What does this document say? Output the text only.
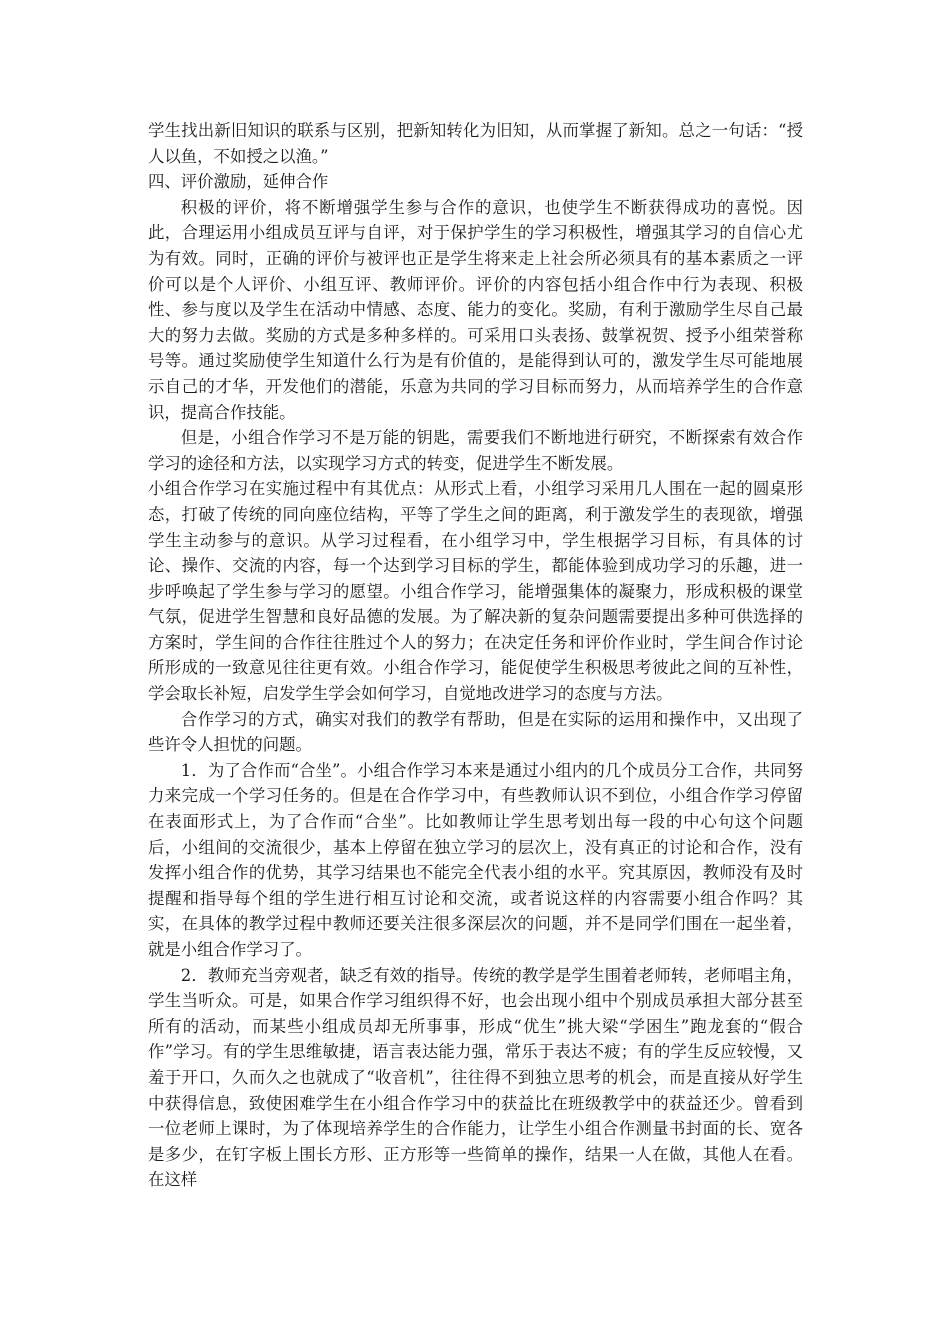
学生找出新旧知识的联系与区别，把新知转化为旧知，从而掌握了新知。总之一句话：“授人以鱼，不如授之以渔。”

四、评价激励，延伸合作

积极的评价，将不断增强学生参与合作的意识，也使学生不断获得成功的喜悦。因此，合理运用小组成员互评与自评，对于保护学生的学习积极性，增强其学习的自信心尤为有效。同时，正确的评价与被评也正是学生将来走上社会所必须具有的基本素质之一评价可以是个人评价、小组互评、教师评价。评价的内容包括小组合作中行为表现、积极性、参与度以及学生在活动中情感、态度、能力的变化。奖励，有利于激励学生尽自己最大的努力去做。奖励的方式是多种多样的。可采用口头表扬、鼓掌祝贺、授予小组荣誉称号等。通过奖励使学生知道什么行为是有价值的，是能得到认可的，激发学生尽可能地展示自己的才华，开发他们的潜能，乐意为共同的学习目标而努力，从而培养学生的合作意识，提高合作技能。

但是，小组合作学习不是万能的钥匙，需要我们不断地进行研究，不断探索有效合作学习的途径和方法，以实现学习方式的转变，促进学生不断发展。

小组合作学习在实施过程中有其优点：从形式上看，小组学习采用几人围在一起的圆桌形态，打破了传统的同向座位结构，平等了学生之间的距离，利于激发学生的表现欲，增强学生主动参与的意识。从学习过程看，在小组学习中，学生根据学习目标，有具体的讨论、操作、交流的内容，每一个达到学习目标的学生，都能体验到成功学习的乐趣，进一步呼唤起了学生参与学习的愿望。小组合作学习，能增强集体的凝聚力，形成积极的课堂气氛，促进学生智慧和良好品德的发展。为了解决新的复杂问题需要提出多种可供选择的方案时，学生间的合作往往胜过个人的努力；在决定任务和评价作业时，学生间合作讨论所形成的一致意见往往更有效。小组合作学习，能促使学生积极思考彼此之间的互补性，学会取长补短，启发学生学会如何学习，自觉地改进学习的态度与方法。

合作学习的方式，确实对我们的教学有帮助，但是在实际的运用和操作中，又出现了些许令人担忧的问题。

1．为了合作而“合坐”。小组合作学习本来是通过小组内的几个成员分工合作，共同努力来完成一个学习任务的。但是在合作学习中，有些教师认识不到位，小组合作学习停留在表面形式上，为了合作而“合坐”。比如教师让学生思考划出每一段的中心句这个问题后，小组间的交流很少，基本上停留在独立学习的层次上，没有真正的讨论和合作，没有发挥小组合作的优势，其学习结果也不能完全代表小组的水平。究其原因，教师没有及时提醒和指导每个组的学生进行相互讨论和交流，或者说这样的内容需要小组合作吗？其实，在具体的教学过程中教师还要关注很多深层次的问题，并不是同学们围在一起坐着，就是小组合作学习了。

2．教师充当旁观者，缺乏有效的指导。传统的教学是学生围着老师转，老师唱主角，学生当听众。可是，如果合作学习组织得不好，也会出现小组中个别成员承担大部分甚至所有的活动，而某些小组成员却无所事事，形成“优生”挑大梁“学困生”跑龙套的“假合作”学习。有的学生思维敏捷，语言表达能力强，常乐于表达不疲；有的学生反应较慢，又羞于开口，久而久之也就成了“收音机”，往往得不到独立思考的机会，而是直接从好学生中获得信息，致使困难学生在小组合作学习中的获益比在班级教学中的获益还少。曾看到一位老师上课时，为了体现培养学生的合作能力，让学生小组合作测量书封面的长、宽各是多少，在钉字板上围长方形、正方形等一些简单的操作，结果一人在做，其他人在看。在这样
